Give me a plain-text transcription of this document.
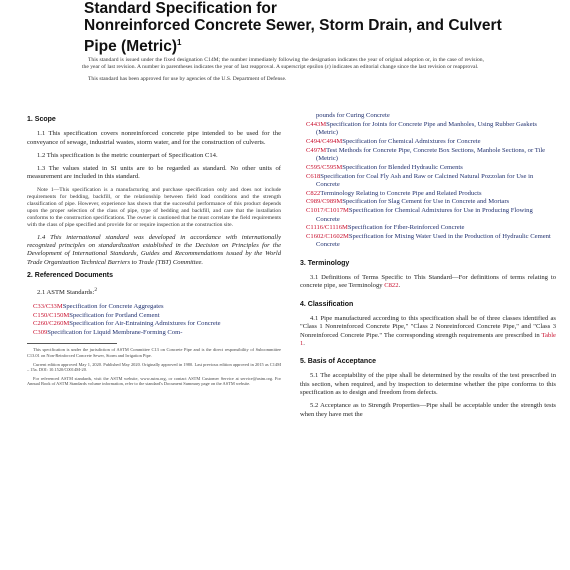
Standard Specification for
Nonreinforced Concrete Sewer, Storm Drain, and Culvert
Pipe (Metric)$^1$

This standard is issued under the fixed designation C14M; the number immediately following the designation indicates the year of original adoption or, in the case of revision, the year of last revision. A number in parentheses indicates the year of last reapproval. A superscript epsilon (ε) indicates an editorial change since the last revision or reapproval.

This standard has been approved for use by agencies of the U.S. Department of Defense.

1. Scope

1.1 This specification covers nonreinforced concrete pipe intended to be used for the conveyance of sewage, industrial wastes, storm water, and for the construction of culverts.

1.2 This specification is the metric counterpart of Specification C14.

1.3 The values stated in SI units are to be regarded as standard. No other units of measurement are included in this standard.

Note 1—This specification is a manufacturing and purchase specification only and does not include requirements for bedding, backfill, or the relationship between field load conditions and the strength classification of pipe. However, experience has shown that the successful performance of this product depends upon the proper selection of the class of pipe, type of bedding and backfill, and care that the installation conforms to the construction specifications. The owner is cautioned that he must correlate the field requirements with the class of pipe specified and provide for or require inspection at the construction site.

1.4 This international standard was developed in accordance with internationally recognized principles on standardization established in the Decision on Principles for the Development of International Standards, Guides and Recommendations issued by the World Trade Organization Technical Barriers to Trade (TBT) Committee.

2. Referenced Documents

2.1 ASTM Standards:$^2$

C33/C33MSpecification for Concrete Aggregates
C150/C150MSpecification for Portland Cement
C260/C260MSpecification for Air-Entraining Admixtures for Concrete
C309Specification for Liquid Membrane-Forming Com-

This specification is under the jurisdiction of ASTM Committee C13 on Concrete Pipe and is the direct responsibility of Subcommittee C13.01 on Non-Reinforced Concrete Sewer, Storm and Irrigation Pipe.

Current edition approved May 1, 2020. Published May 2020. Originally approved in 1980. Last previous edition approved in 2015 as C14M – 15a. DOI: 10.1520/C0014M-20.

For referenced ASTM standards, visit the ASTM website, www.astm.org, or contact ASTM Customer Service at service@astm.org. For Annual Book of ASTM Standards volume information, refer to the standard's Document Summary page on the ASTM website.

pounds for Curing Concrete
C443MSpecification for Joints for Concrete Pipe and Manholes, Using Rubber Gaskets (Metric)
C494/C494MSpecification for Chemical Admixtures for Concrete
C497MTest Methods for Concrete Pipe, Concrete Box Sections, Manhole Sections, or Tile (Metric)
C595/C595MSpecification for Blended Hydraulic Cements
C618Specification for Coal Fly Ash and Raw or Calcined Natural Pozzolan for Use in Concrete
C822Terminology Relating to Concrete Pipe and Related Products
C989/C989MSpecification for Slag Cement for Use in Concrete and Mortars
C1017/C1017MSpecification for Chemical Admixtures for Use in Producing Flowing Concrete
C1116/C1116MSpecification for Fiber-Reinforced Concrete
C1602/C1602MSpecification for Mixing Water Used in the Production of Hydraulic Cement Concrete
3. Terminology

3.1 Definitions of Terms Specific to This Standard—For definitions of terms relating to concrete pipe, see Terminology C822.

4. Classification

4.1 Pipe manufactured according to this specification shall be of three classes identified as "Class 1 Nonreinforced Concrete Pipe," "Class 2 Nonreinforced Concrete Pipe," and "Class 3 Nonreinforced Concrete Pipe." The corresponding strength requirements are prescribed in Table 1.

5. Basis of Acceptance

5.1 The acceptability of the pipe shall be determined by the results of the test prescribed in this section, when required, and by inspection to determine whether the pipe conforms to this specification as to design and freedom from defects.

5.2 Acceptance as to Strength Properties—Pipe shall be acceptable under the strength tests when they have met the
